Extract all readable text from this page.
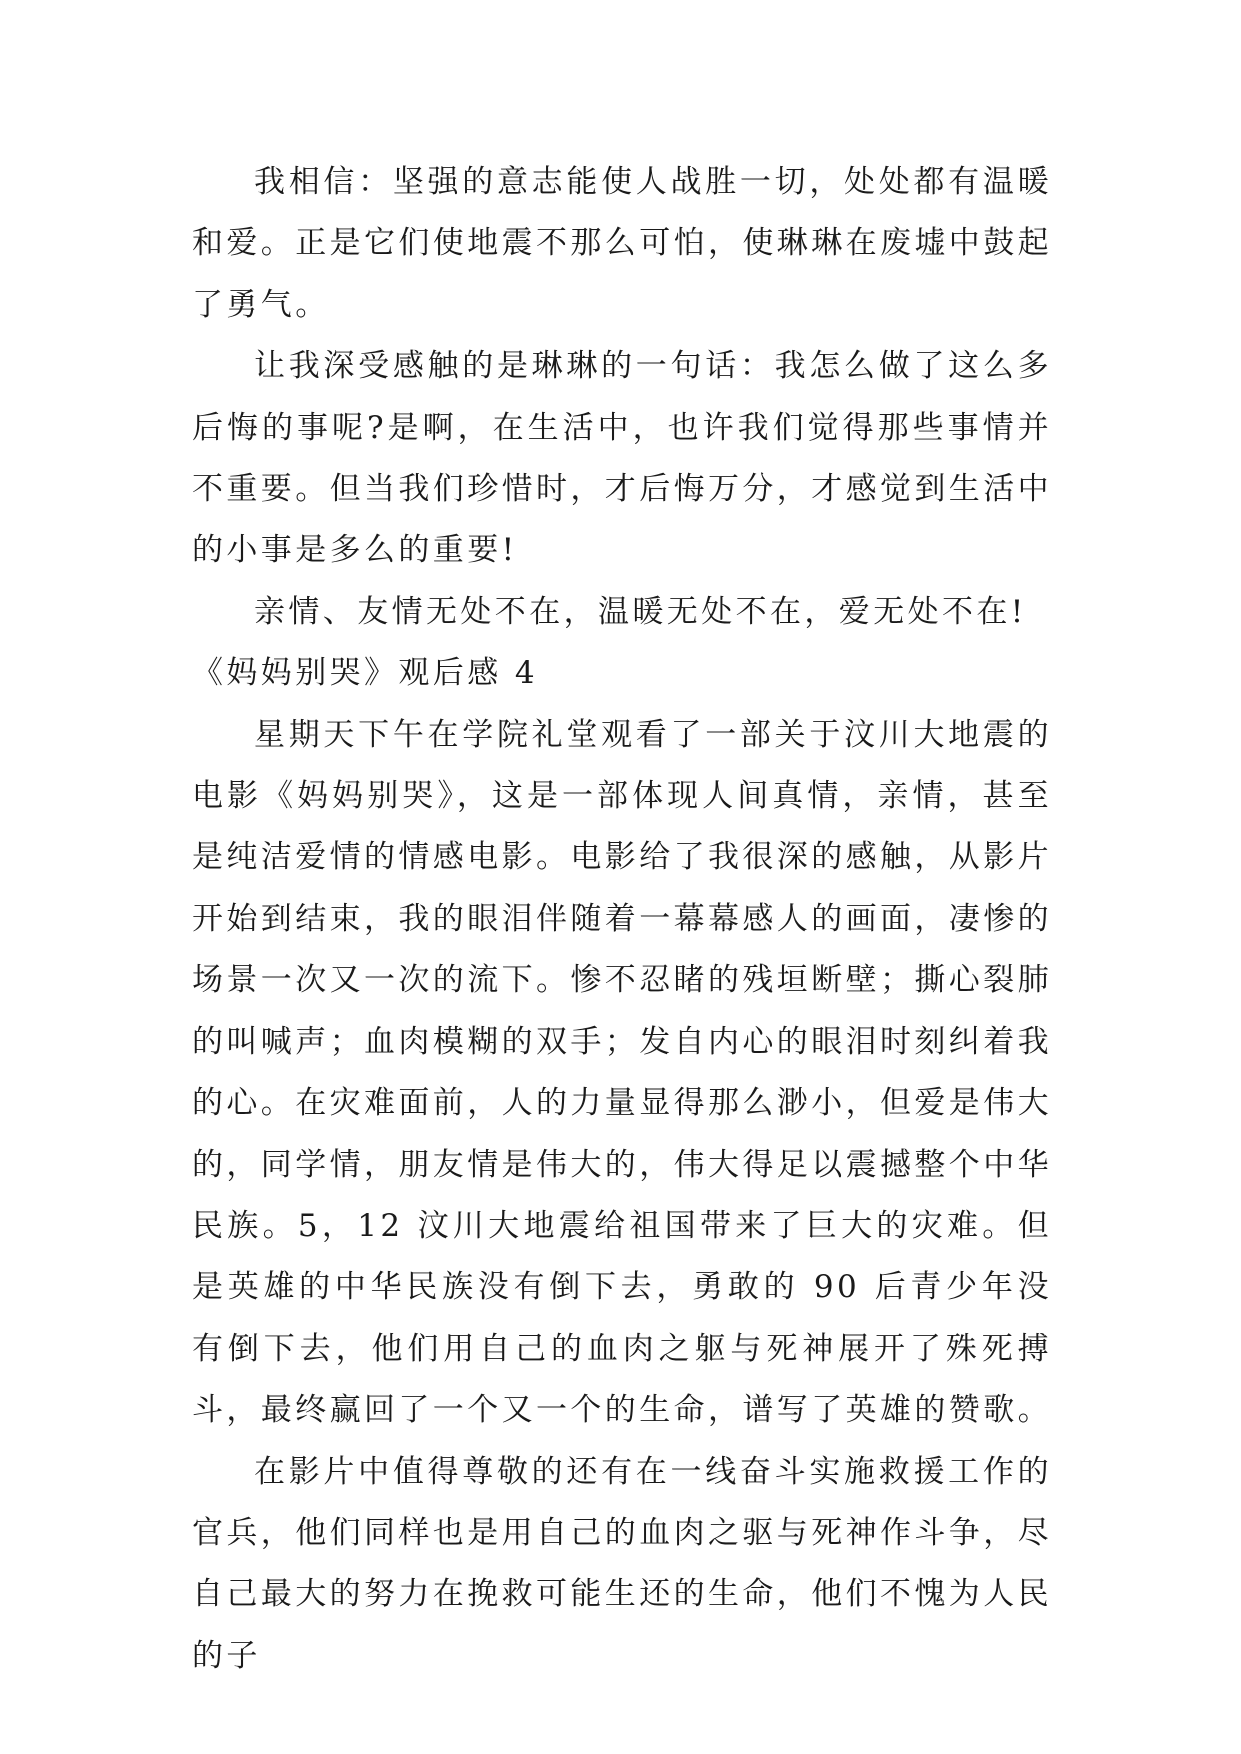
我相信：坚强的意志能使人战胜一切，处处都有温暖和爱。正是它们使地震不那么可怕，使琳琳在废墟中鼓起了勇气。

让我深受感触的是琳琳的一句话：我怎么做了这么多后悔的事呢?是啊，在生活中，也许我们觉得那些事情并不重要。但当我们珍惜时，才后悔万分，才感觉到生活中的小事是多么的重要!

亲情、友情无处不在，温暖无处不在，爱无处不在!

《妈妈别哭》观后感 4

星期天下午在学院礼堂观看了一部关于汶川大地震的电影《妈妈别哭》，这是一部体现人间真情，亲情，甚至是纯洁爱情的情感电影。电影给了我很深的感触，从影片开始到结束，我的眼泪伴随着一幕幕感人的画面，凄惨的场景一次又一次的流下。惨不忍睹的残垣断壁；撕心裂肺的叫喊声；血肉模糊的双手；发自内心的眼泪时刻纠着我的心。在灾难面前，人的力量显得那么渺小，但爱是伟大的，同学情，朋友情是伟大的，伟大得足以震撼整个中华民族。5，12 汶川大地震给祖国带来了巨大的灾难。但是英雄的中华民族没有倒下去，勇敢的 90 后青少年没有倒下去，他们用自己的血肉之躯与死神展开了殊死搏斗，最终赢回了一个又一个的生命，谱写了英雄的赞歌。

在影片中值得尊敬的还有在一线奋斗实施救援工作的官兵，他们同样也是用自己的血肉之驱与死神作斗争，尽自己最大的努力在挽救可能生还的生命，他们不愧为人民的子
